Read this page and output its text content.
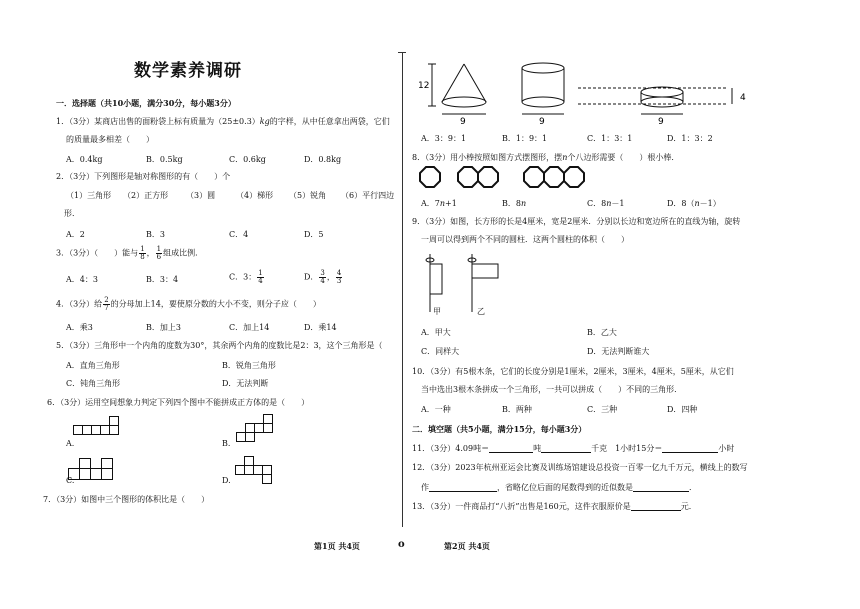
数学素养调研
一．选择题（共10小题，满分30分，每小题3分）
1．（3分）某商店出售的面粉袋上标有质量为（25±0.3）kg的字样，从中任意拿出两袋，它们
的质量最多相差（　　）
A．0.4kg	B．0.5kg	C．0.6kg	D．0.8kg
2．（3分）下列图形是轴对称图形的有（　　）个
（1）三角形 （2）正方形 （3）圆	（4）梯形 （5）锐角 （6）平行四边
形．
A．2	B．3	C．4	D．5
3．（3分）（　　）能与 $\frac{1}{8}$ ， $\frac{1}{6}$ 组成比例．
A．4：3	B．3：4	C．3： $\frac{1}{4}$	D． $\frac{3}{4}$ ， $\frac{4}{3}$
4．（3分）给 $\frac{2}{7}$ 的分母加上14，要使原分数的大小不变，则分子应（　　）
A．乘3	B．加上3	C．加上14	D．乘14
5．（3分）三角形中一个内角的度数为30°，其余两个内角的度数比是2：3，这个三角形是（
A．直角三角形	B．锐角三角形
C．钝角三角形	D．无法判断
6．（3分）运用空间想象力判定下列四个图中不能拼成正方体的是（　　）
A.	B.
C.	D.
7．（3分）如图中三个图形的体积比是（　　）
12
9	9	9
4
A．3：9：1	B．1：9：1	C．1：3：1	D．1：3：2
8．（3分）用小棒按照如图方式摆图形，摆n个八边形需要（　　）根小棒．
A．7n+1	B．8n	C．8n－1	D．8（n－1）
9．（3分）如图，长方形的长是4厘米，宽是2厘米．分别以长边和宽边所在的直线为轴，旋转
一周可以得到两个不同的圆柱．这两个圆柱的体积（　　）
甲	乙
A．甲大	B．乙大
C．同样大	D．无法判断谁大
10．（3分）有5根木条，它们的长度分别是1厘米，2厘米，3厘米，4厘米，5厘米，从它们
当中选出3根木条拼成一个三角形，一共可以拼成（　　）不同的三角形．
A．一种	B．两种	C．三种	D．四种
二．填空题（共5小题，满分15分，每小题3分）
11．（3分）4.09吨＝	吨	千克  1小时15分＝	小时
12．（3分）2023年杭州亚运会比赛及训练场馆建设总投资一百零一亿九千万元，横线上的数写
作	，省略亿位后面的尾数得到的近似数是	．
13．（3分）一件商品打“八折”出售是160元，这件衣服原价是	元．
第1页 共4页	o	第2页 共4页
